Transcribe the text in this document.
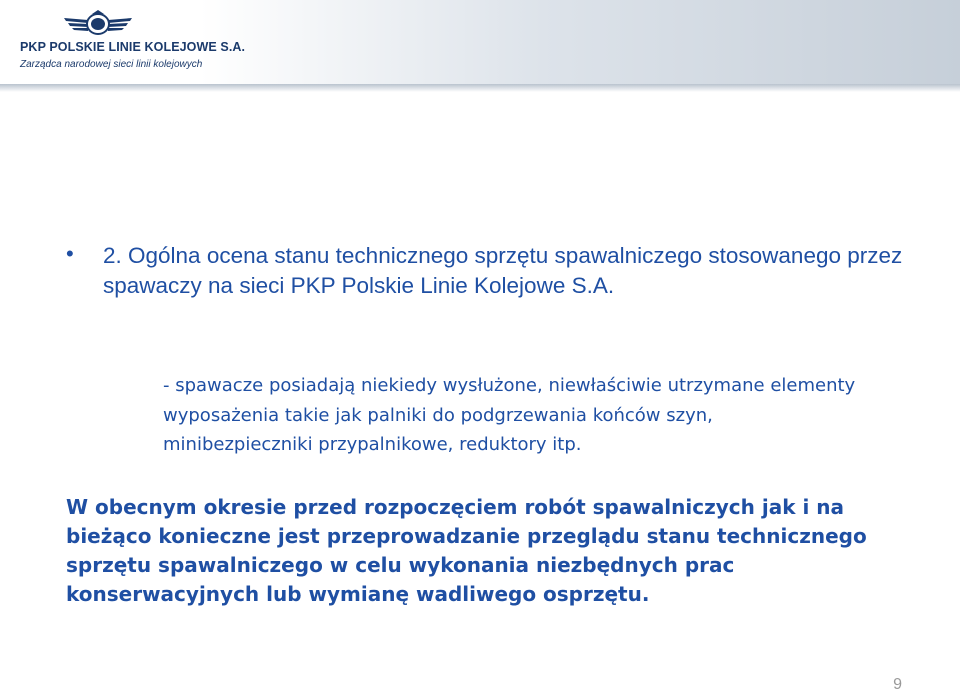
PKP POLSKIE LINIE KOLEJOWE S.A.
Zarządca narodowej sieci linii kolejowych
• 2. Ogólna ocena stanu technicznego sprzętu spawalniczego stosowanego przez spawaczy na sieci PKP Polskie Linie Kolejowe S.A.
- spawacze posiadają niekiedy wysłużone, niewłaściwie utrzymane elementy wyposażenia takie jak palniki do podgrzewania końców szyn, minibezpieczniki przypalnikowe, reduktory itp.
W obecnym okresie przed rozpoczęciem robót spawalniczych jak i na bieżąco konieczne jest przeprowadzanie przeglądu stanu technicznego sprzętu spawalniczego w celu wykonania niezbędnych prac konserwacyjnych lub wymianę wadliwego osprzętu.
9
